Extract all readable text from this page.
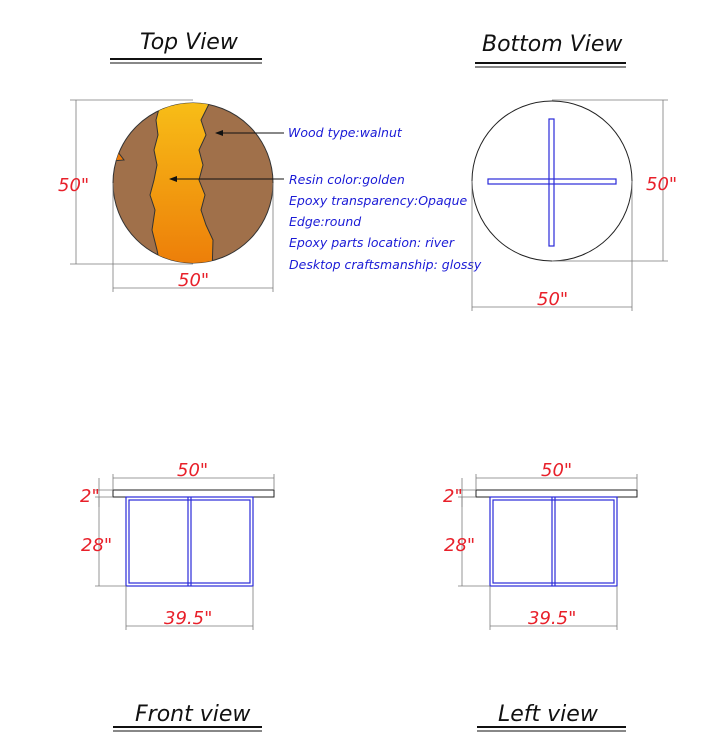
Top View	Bottom View
Front view	Left view
50"
50"
Wood type:walnut
Resin color:golden
Epoxy transparency:Opaque
Edge:round
Epoxy parts location: river
Desktop craftsmanship: glossy
50"
50"
50"
2"
28"
39.5"
50"
2"
28"
39.5"
